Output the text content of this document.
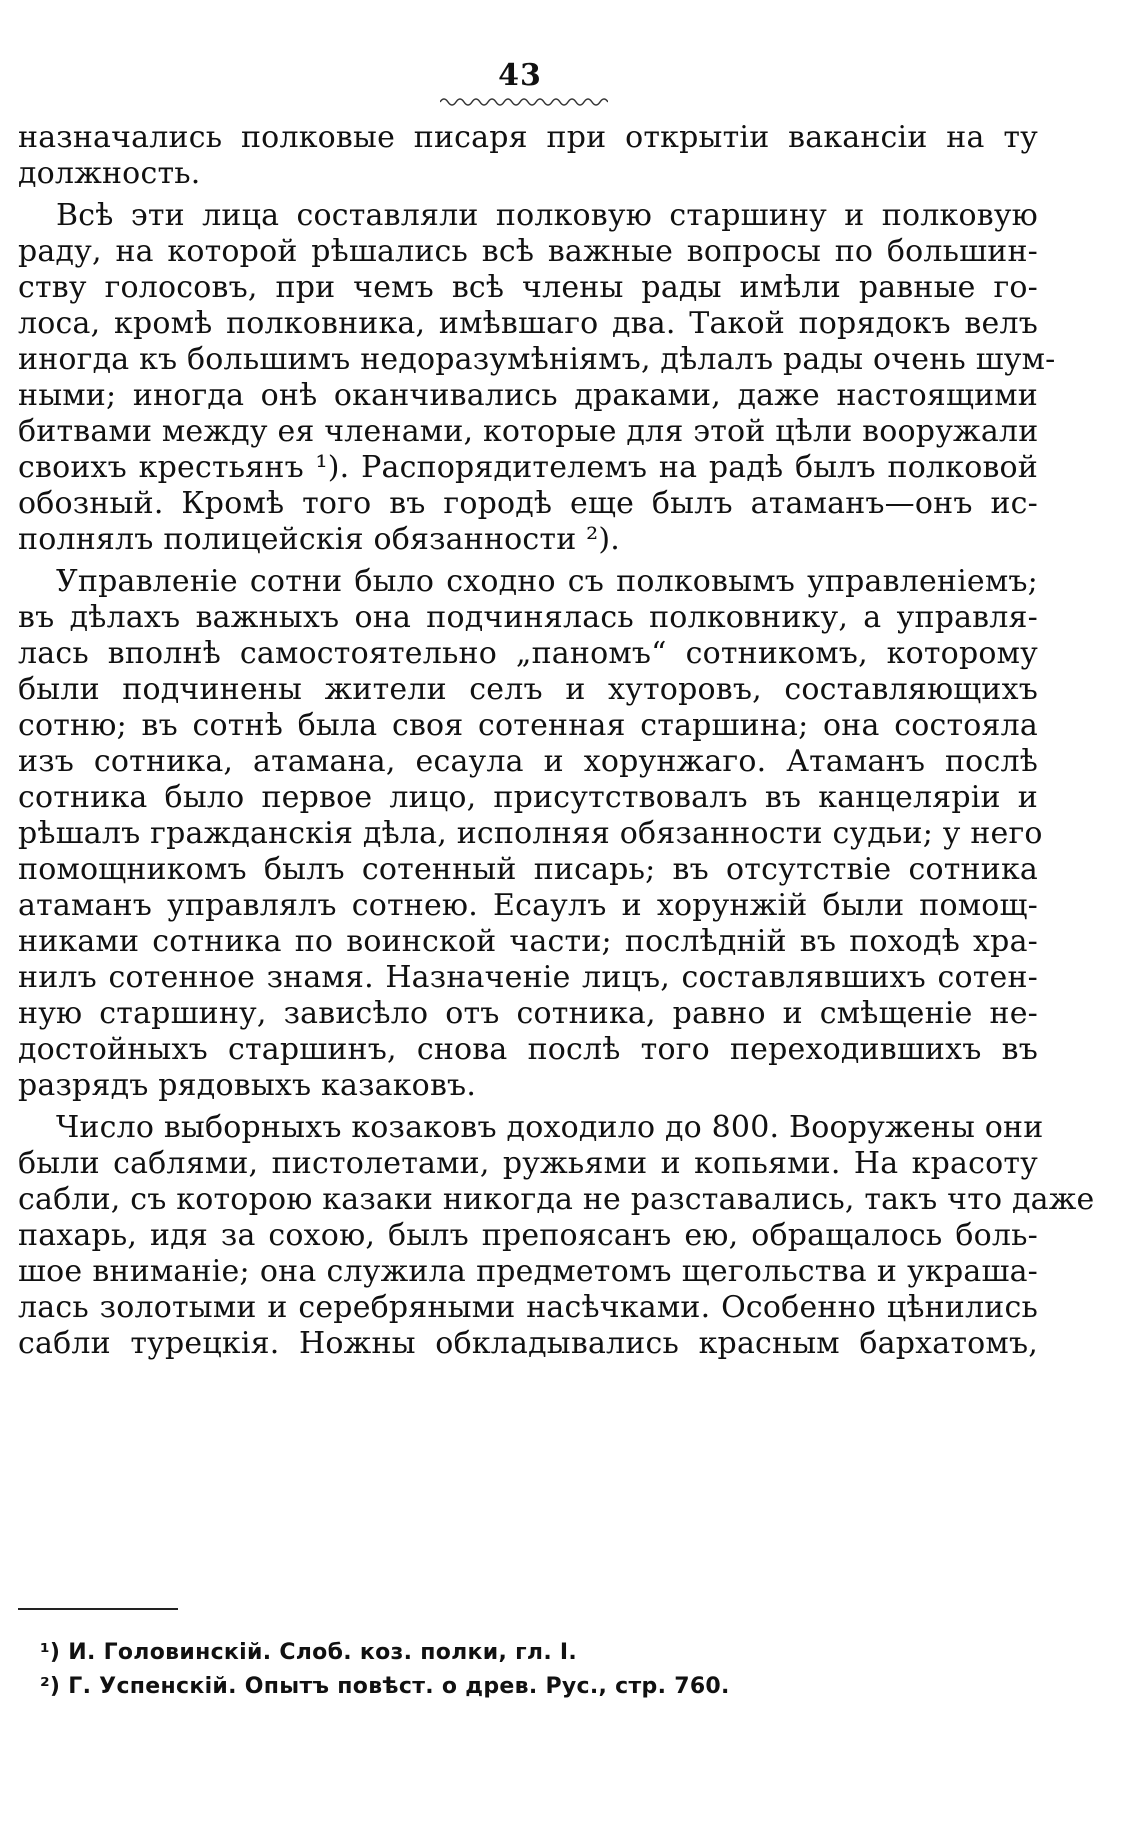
43
назначались полковые писаря при открытіи вакансіи на ту
должность.
Всѣ эти лица составляли полковую старшину и полковую
раду, на которой рѣшались всѣ важные вопросы по большин-
ству голосовъ, при чемъ всѣ члены рады имѣли равные го-
лоса, кромѣ полковника, имѣвшаго два. Такой порядокъ велъ
иногда къ большимъ недоразумѣніямъ, дѣлалъ рады очень шум-
ными; иногда онѣ оканчивались драками, даже настоящими
битвами между ея членами, которые для этой цѣли вооружали
своихъ крестьянъ ¹). Распорядителемъ на радѣ былъ полковой
обозный. Кромѣ того въ городѣ еще былъ атаманъ—онъ ис-
полнялъ полицейскія обязанности ²).
Управленіе сотни было сходно съ полковымъ управленіемъ;
въ дѣлахъ важныхъ она подчинялась полковнику, а управля-
лась вполнѣ самостоятельно „паномъ“ сотникомъ, которому
были подчинены жители селъ и хуторовъ, составляющихъ
сотню; въ сотнѣ была своя сотенная старшина; она состояла
изъ сотника, атамана, есаула и хорунжаго. Атаманъ послѣ
сотника было первое лицо, присутствовалъ въ канцеляріи и
рѣшалъ гражданскія дѣла, исполняя обязанности судьи; у него
помощникомъ былъ сотенный писарь; въ отсутствіе сотника
атаманъ управлялъ сотнею. Есаулъ и хорунжій были помощ-
никами сотника по воинской части; послѣдній въ походѣ хра-
нилъ сотенное знамя. Назначеніе лицъ, составлявшихъ сотен-
ную старшину, зависѣло отъ сотника, равно и смѣщеніе не-
достойныхъ старшинъ, снова послѣ того переходившихъ въ
разрядъ рядовыхъ казаковъ.
Число выборныхъ козаковъ доходило до 800. Вооружены они
были саблями, пистолетами, ружьями и копьями. На красоту
сабли, съ которою казаки никогда не разставались, такъ что даже
пахарь, идя за сохою, былъ препоясанъ ею, обращалось боль-
шое вниманіе; она служила предметомъ щегольства и украша-
лась золотыми и серебряными насѣчками. Особенно цѣнились
сабли турецкія. Ножны обкладывались красным бархатомъ,
¹) И. Головинскій. Слоб. коз. полки, гл. I.
²) Г. Успенскій. Опытъ повѣст. о древ. Рус., стр. 760.
